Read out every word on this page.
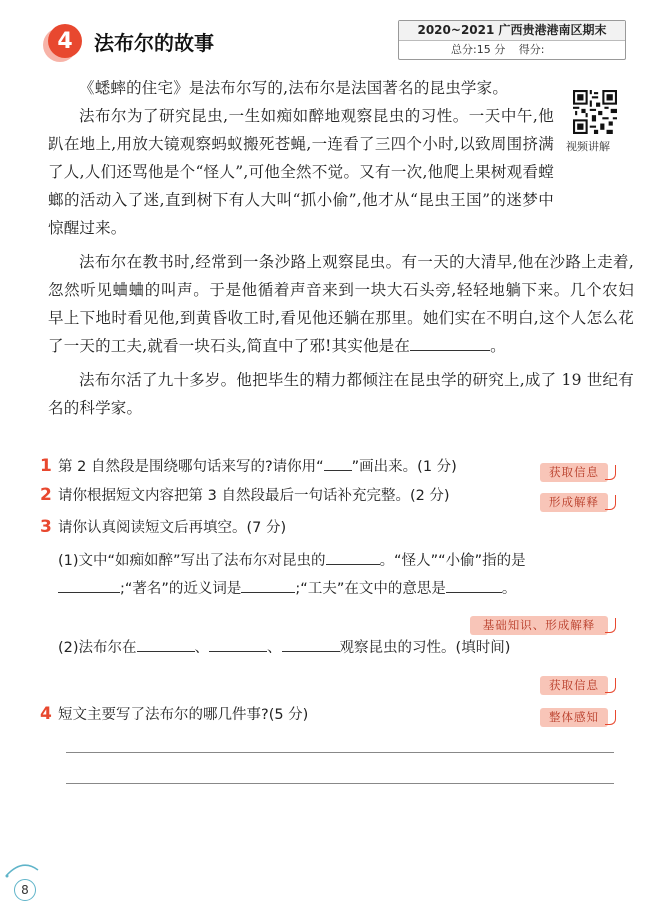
4	法布尔的故事
2020~2021 广西贵港港南区期末
总分:15 分 得分:
视频讲解

《蟋蟀的住宅》是法布尔写的,法布尔是法国著名的昆虫学家。

法布尔为了研究昆虫,一生如痴如醉地观察昆虫的习性。一天中午,他趴在地上,用放大镜观察蚂蚁搬死苍蝇,一连看了三四个小时,以致周围挤满了人,人们还骂他是个“怪人”,可他全然不觉。又有一次,他爬上果树观看螳螂的活动入了迷,直到树下有人大叫“抓小偷”,他才从“昆虫王国”的迷梦中惊醒过来。

法布尔在教书时,经常到一条沙路上观察昆虫。有一天的大清早,他在沙路上走着,忽然听见蛐蛐的叫声。于是他循着声音来到一块大石头旁,轻轻地躺下来。几个农妇早上下地时看见他,到黄昏收工时,看见他还躺在那里。她们实在不明白,这个人怎么花了一天的工夫,就看一块石头,简直中了邪!其实他是在	。

法布尔活了九十多岁。他把毕生的精力都倾注在昆虫学的研究上,成了 19 世纪有名的科学家。

1 第 2 自然段是围绕哪句话来写的?请你用“ ”画出来。(1 分)	获取信息
2 请你根据短文内容把第 3 自然段最后一句话补充完整。(2 分)	形成解释
3 请你认真阅读短文后再填空。(7 分)
(1)文中“如痴如醉”写出了法布尔对昆虫的	。“怪人”“小偷”指的是
;“著名”的近义词是	;“工夫”在文中的意思是	。
基础知识、形成解释
(2)法布尔在	、	、	观察昆虫的习性。(填时间)
获取信息
4 短文主要写了法布尔的哪几件事?(5 分)	整体感知
8
